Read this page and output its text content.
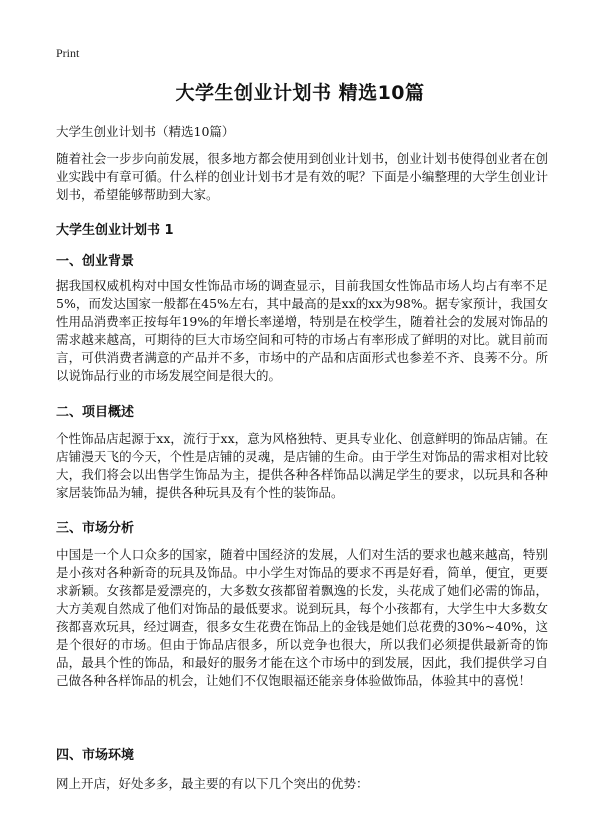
Print
大学生创业计划书 精选10篇
大学生创业计划书（精选10篇）
随着社会一步步向前发展，很多地方都会使用到创业计划书，创业计划书使得创业者在创业实践中有章可循。什么样的创业计划书才是有效的呢？下面是小编整理的大学生创业计划书，希望能够帮助到大家。
大学生创业计划书 1
一、创业背景
据我国权威机构对中国女性饰品市场的调查显示，目前我国女性饰品市场人均占有率不足5%，而发达国家一般都在45%左右，其中最高的是xx的xx为98%。据专家预计，我国女性用品消费率正按每年19%的年增长率递增，特别是在校学生，随着社会的发展对饰品的需求越来越高，可期待的巨大市场空间和可特的市场占有率形成了鲜明的对比。就目前而言，可供消费者满意的产品并不多，市场中的产品和店面形式也参差不齐、良莠不分。所以说饰品行业的市场发展空间是很大的。
二、项目概述
个性饰品店起源于xx，流行于xx，意为风格独特、更具专业化、创意鲜明的饰品店铺。在店铺漫天飞的今天，个性是店铺的灵魂，是店铺的生命。由于学生对饰品的需求相对比较大，我们将会以出售学生饰品为主，提供各种各样饰品以满足学生的要求，以玩具和各种家居装饰品为辅，提供各种玩具及有个性的装饰品。
三、市场分析
中国是一个人口众多的国家，随着中国经济的发展，人们对生活的要求也越来越高，特别是小孩对各种新奇的玩具及饰品。中小学生对饰品的要求不再是好看，简单，便宜，更要求新颖。女孩都是爱漂亮的，大多数女孩都留着飘逸的长发，头花成了她们必需的饰品，大方美观自然成了他们对饰品的最低要求。说到玩具，每个小孩都有，大学生中大多数女孩都喜欢玩具，经过调查，很多女生花费在饰品上的金钱是她们总花费的30%~40%，这是个很好的市场。但由于饰品店很多，所以竞争也很大，所以我们必须提供最新奇的饰品，最具个性的饰品，和最好的服务才能在这个市场中的到发展，因此，我们提供学习自己做各种各样饰品的机会，让她们不仅饱眼福还能亲身体验做饰品，体验其中的喜悦！
四、市场环境
网上开店，好处多多，最主要的有以下几个突出的优势：
